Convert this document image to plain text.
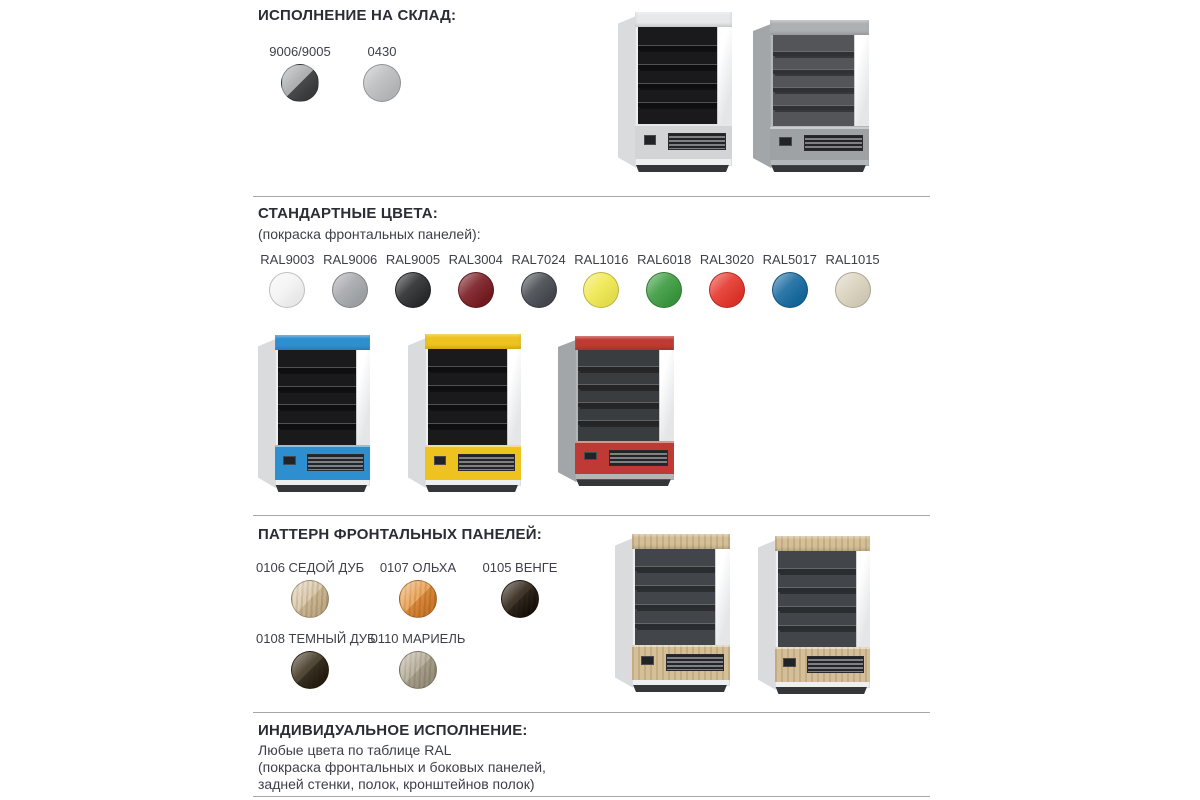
ИСПОЛНЕНИЕ НА СКЛАД:
9006/9005	0430
СТАНДАРТНЫЕ ЦВЕТА:
(покраска фронтальных панелей):
RAL9003 RAL9006 RAL9005 RAL3004 RAL7024 RAL1016 RAL6018 RAL3020 RAL5017 RAL1015
ПАТТЕРН ФРОНТАЛЬНЫХ ПАНЕЛЕЙ:
0106 СЕДОЙ ДУБ	0107 ОЛЬХА	0105 ВЕНГЕ
0108 ТЕМНЫЙ ДУБ
0110 МАРИЕЛЬ
ИНДИВИДУАЛЬНОЕ ИСПОЛНЕНИЕ:
Любые цвета по таблице RAL
(покраска фронтальных и боковых панелей,
задней стенки, полок, кронштейнов полок)
